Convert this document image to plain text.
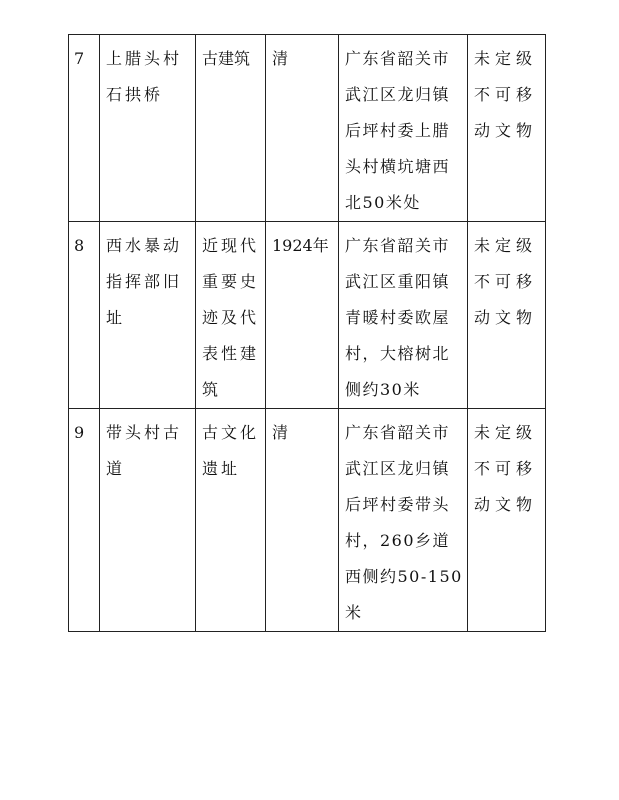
7	上腊头村石拱桥	古建筑	清	广东省韶关市武江区龙归镇后坪村委上腊头村横坑塘西北50米处	未定级不可移动文物

8	西水暴动指挥部旧址	近现代重要史迹及代表性建筑	1924年	广东省韶关市武江区重阳镇青暖村委欧屋村，大榕树北侧约30米	未定级不可移动文物

9	带头村古道	古文化遗址	清	广东省韶关市武江区龙归镇后坪村委带头村，260乡道西侧约50-150米	未定级不可移动文物
